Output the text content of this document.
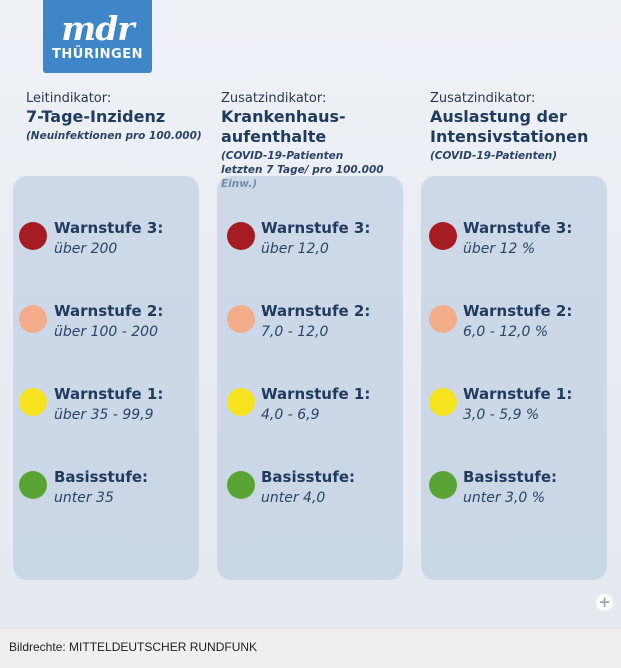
mdr
THÜRINGEN
Leitindikator:
7-Tage-Inzidenz
(Neuinfektionen pro 100.000)
Zusatzindikator:
Krankenhaus-
aufenthalte
(COVID-19-Patienten
letzten 7 Tage/ pro 100.000
Zusatzindikator:
Auslastung der
Intensivstationen
(COVID-19-Patienten)
Warnstufe 3:
über 200
Warnstufe 2:
über 100 - 200
Warnstufe 1:
über 35 - 99,9
Basisstufe:
unter 35
Warnstufe 3:
über 12,0
Warnstufe 2:
7,0 - 12,0
Warnstufe 1:
4,0 - 6,9
Basisstufe:
unter 4,0
Warnstufe 3:
über 12 %
Warnstufe 2:
6,0 - 12,0 %
Warnstufe 1:
3,0 - 5,9 %
Basisstufe:
unter 3,0 %
+
Bildrechte: MITTELDEUTSCHER RUNDFUNK
